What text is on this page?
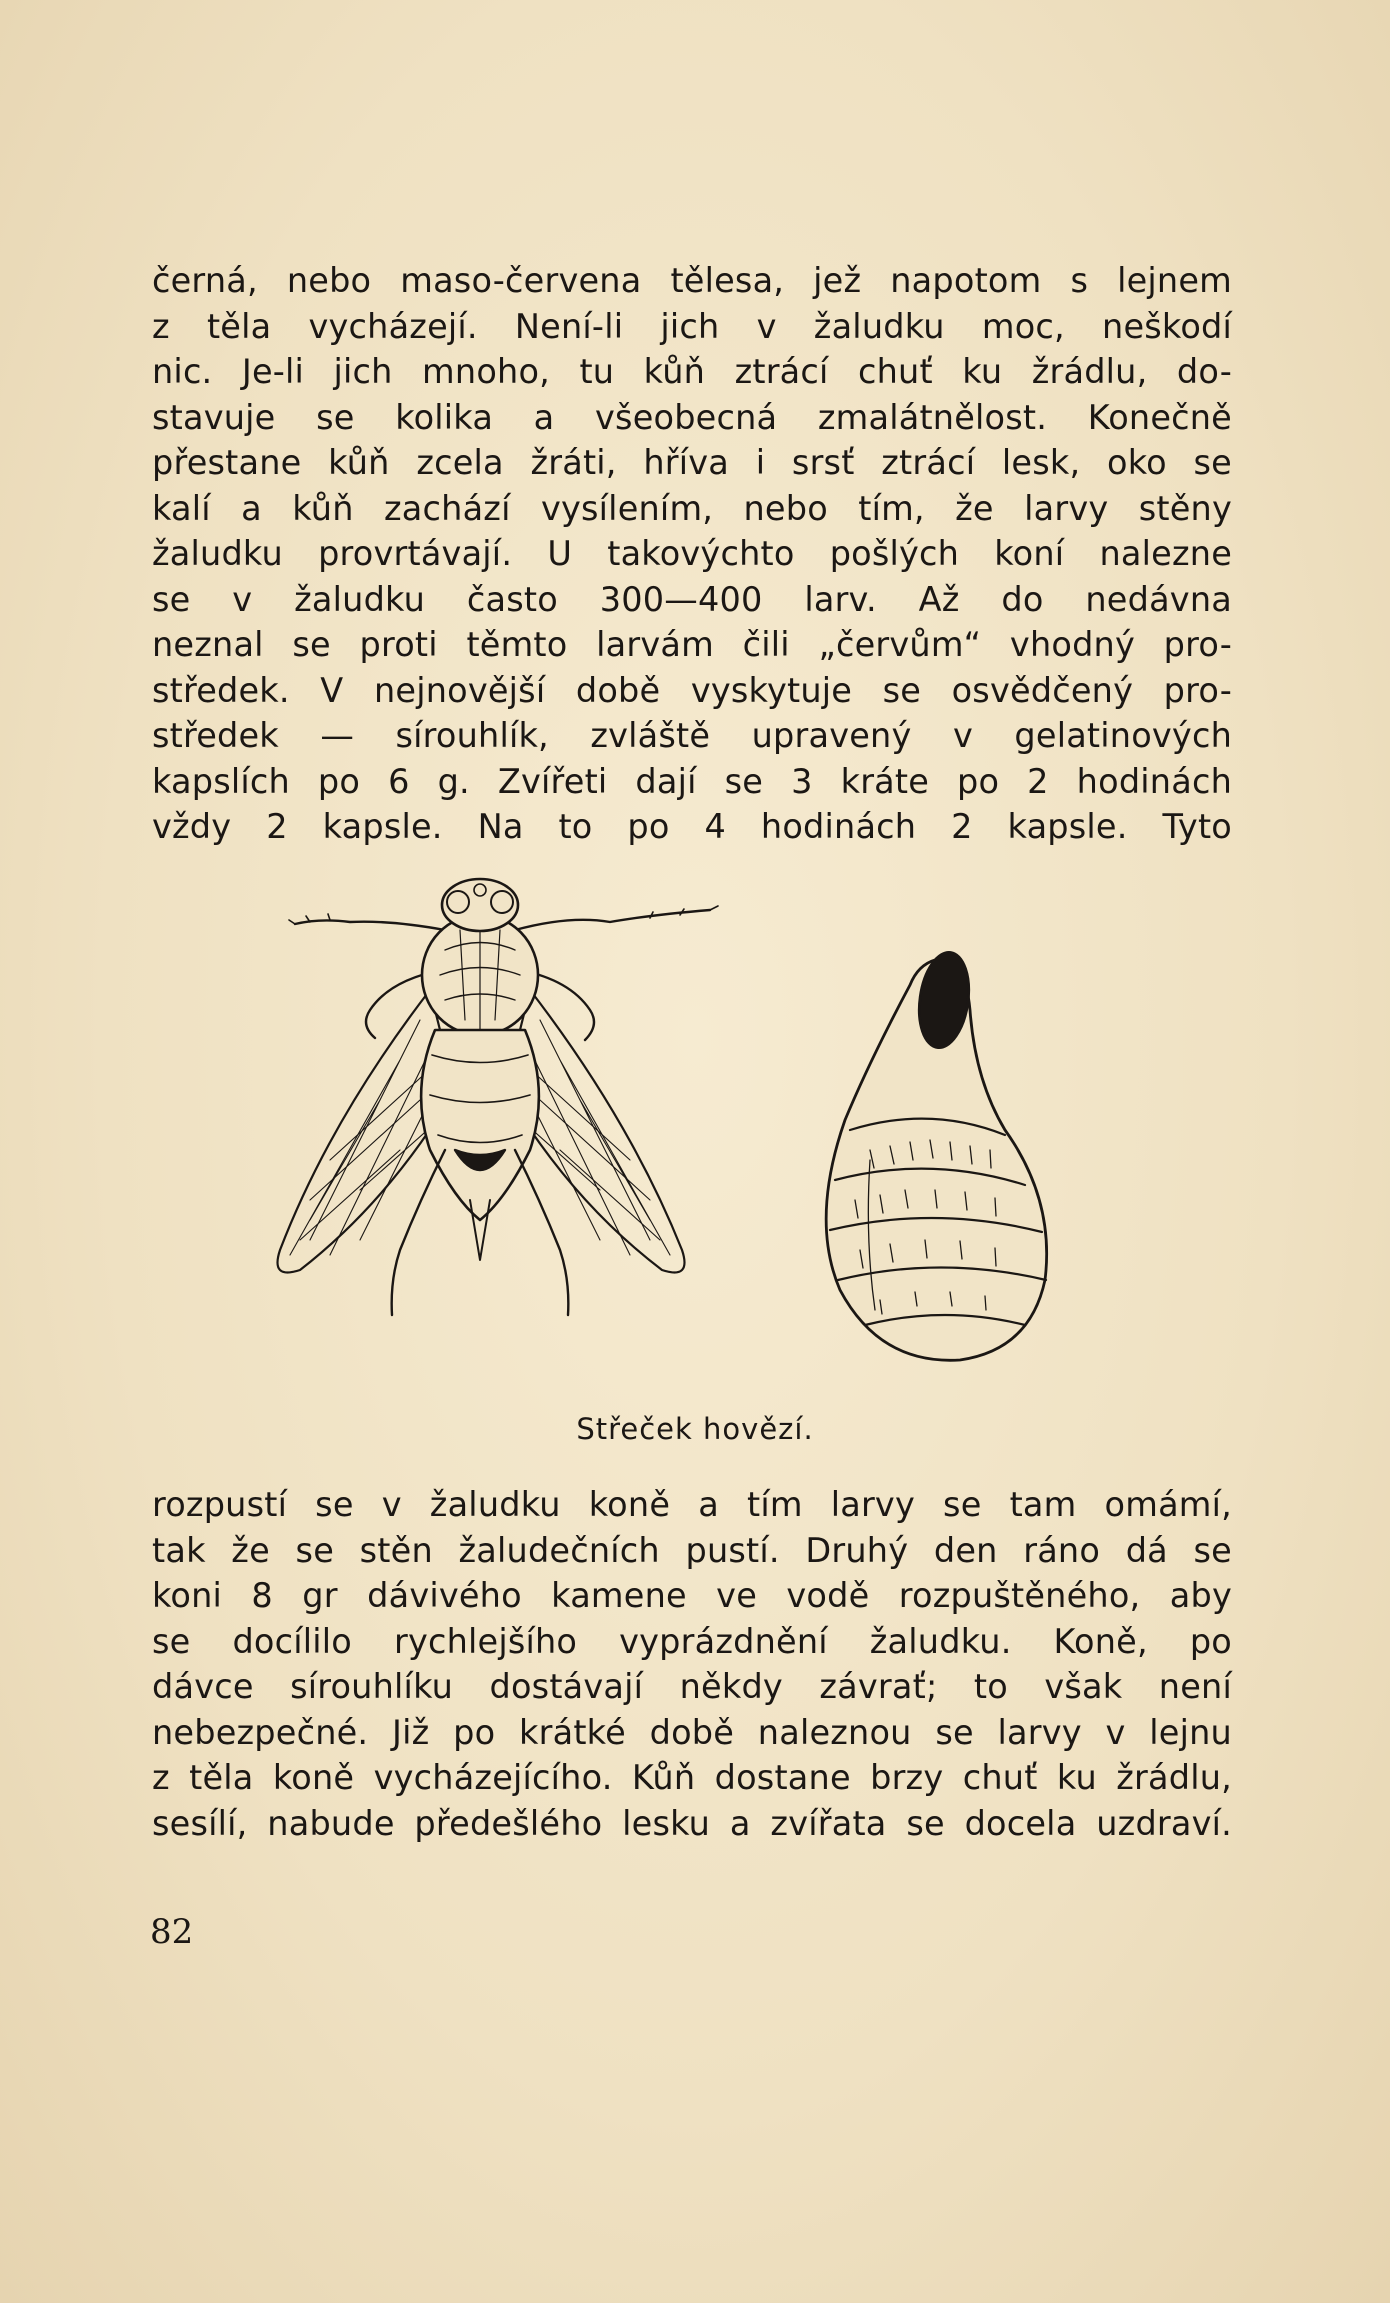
černá, nebo maso-červena tělesa, jež napotom s lejnem
z těla vycházejí. Není-li jich v žaludku moc, neškodí
nic. Je-li jich mnoho, tu kůň ztrácí chuť ku žrádlu, do-
stavuje se kolika a všeobecná zmalátnělost. Konečně
přestane kůň zcela žráti, hříva i srsť ztrácí lesk, oko se
kalí a kůň zachází vysílením, nebo tím, že larvy stěny
žaludku provrtávají. U takovýchto pošlých koní nalezne
se v žaludku často 300—400 larv. Až do nedávna
neznal se proti těmto larvám čili „červům“ vhodný pro-
středek. V nejnovější době vyskytuje se osvědčený pro-
středek — sírouhlík, zvláště upravený v gelatinových
kapslích po 6 g. Zvířeti dají se 3 kráte po 2 hodinách
vždy 2 kapsle. Na to po 4 hodinách 2 kapsle. Tyto
Střeček hovězí.
rozpustí se v žaludku koně a tím larvy se tam omámí,
tak že se stěn žaludečních pustí. Druhý den ráno dá se
koni 8 gr dávivého kamene ve vodě rozpuštěného, aby
se docílilo rychlejšího vyprázdnění žaludku. Koně, po
dávce sírouhlíku dostávají někdy závrať; to však není
nebezpečné. Již po krátké době naleznou se larvy v lejnu
z těla koně vycházejícího. Kůň dostane brzy chuť ku žrádlu,
sesílí, nabude předešlého lesku a zvířata se docela uzdraví.
82
